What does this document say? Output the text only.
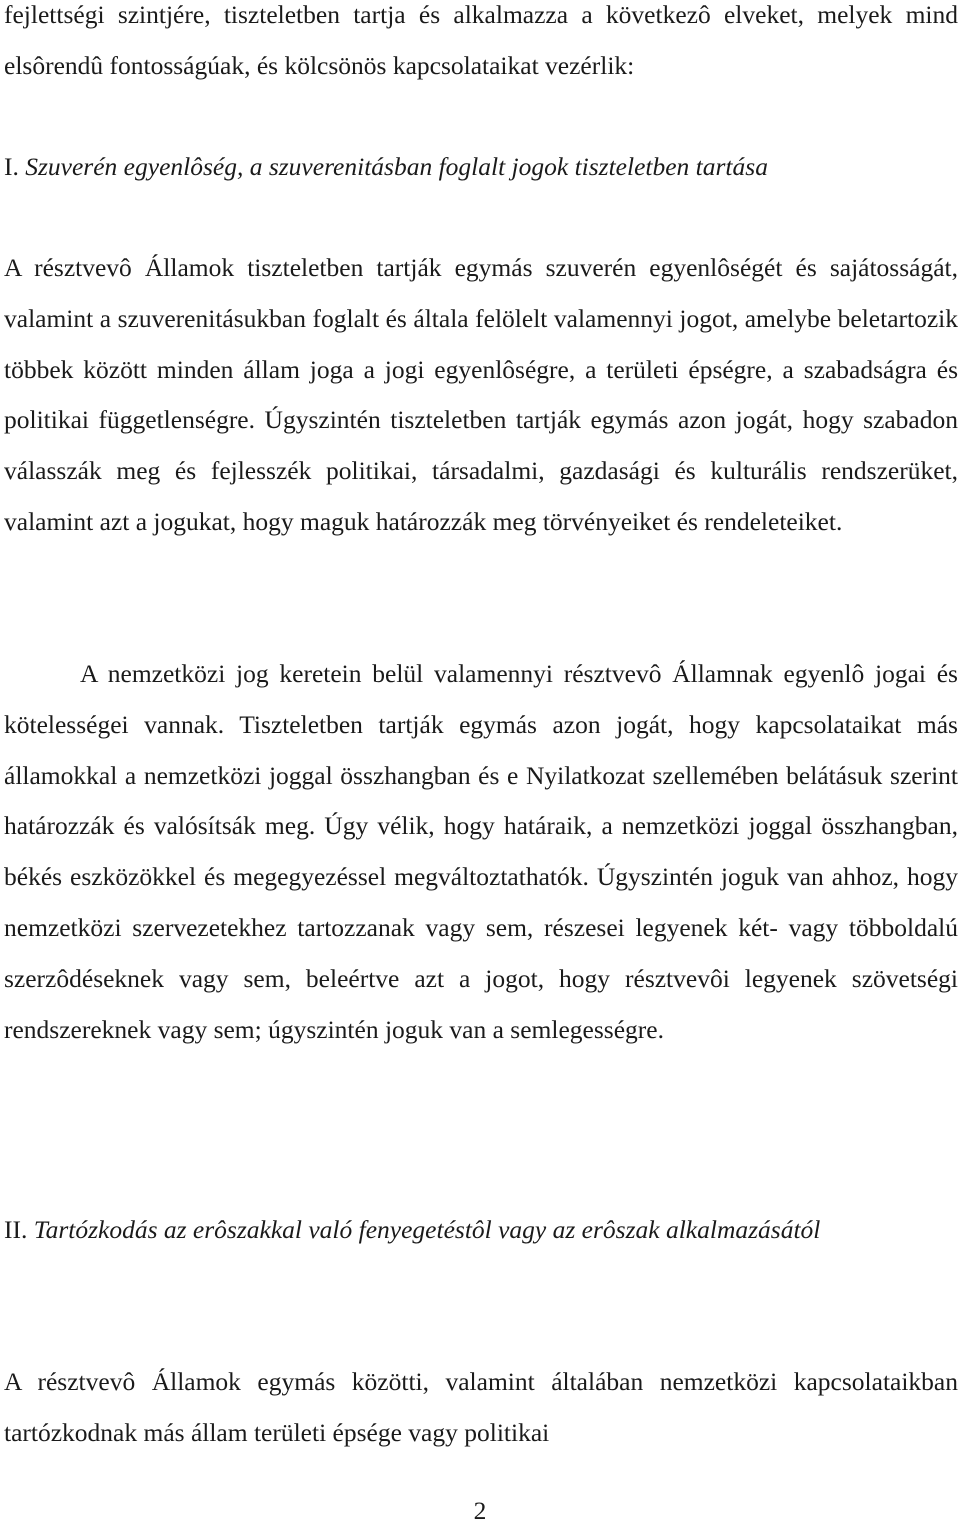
fejlettségi szintjére, tiszteletben tartja és alkalmazza a következô elveket, melyek mind elsôrendû fontosságúak, és kölcsönös kapcsolataikat vezérlik:
I. Szuverén egyenlôség, a szuverenitásban foglalt jogok tiszteletben tartása
A résztvevô Államok tiszteletben tartják egymás szuverén egyenlôségét és sajátosságát, valamint a szuverenitásukban foglalt és általa felölelt valamennyi jogot, amelybe beletartozik többek között minden állam joga a jogi egyenlôségre, a területi épségre, a szabadságra és politikai függetlenségre. Úgyszintén tiszteletben tartják egymás azon jogát, hogy szabadon válasszák meg és fejlesszék politikai, társadalmi, gazdasági és kulturális rendszerüket, valamint azt a jogukat, hogy maguk határozzák meg törvényeiket és rendeleteiket.
A nemzetközi jog keretein belül valamennyi résztvevô Államnak egyenlô jogai és kötelességei vannak. Tiszteletben tartják egymás azon jogát, hogy kapcsolataikat más államokkal a nemzetközi joggal összhangban és e Nyilatkozat szellemében belátásuk szerint határozzák és valósítsák meg. Úgy vélik, hogy határaik, a nemzetközi joggal összhangban, békés eszközökkel és megegyezéssel megváltoztathatók. Úgyszintén joguk van ahhoz, hogy nemzetközi szervezetekhez tartozzanak vagy sem, részesei legyenek két- vagy többoldalú szerzôdéseknek vagy sem, beleértve azt a jogot, hogy résztvevôi legyenek szövetségi rendszereknek vagy sem; úgyszintén joguk van a semlegességre.
II. Tartózkodás az erôszakkal való fenyegetéstôl vagy az erôszak alkalmazásától
A résztvevô Államok egymás közötti, valamint általában nemzetközi kapcsolataikban tartózkodnak más állam területi épsége vagy politikai
2
